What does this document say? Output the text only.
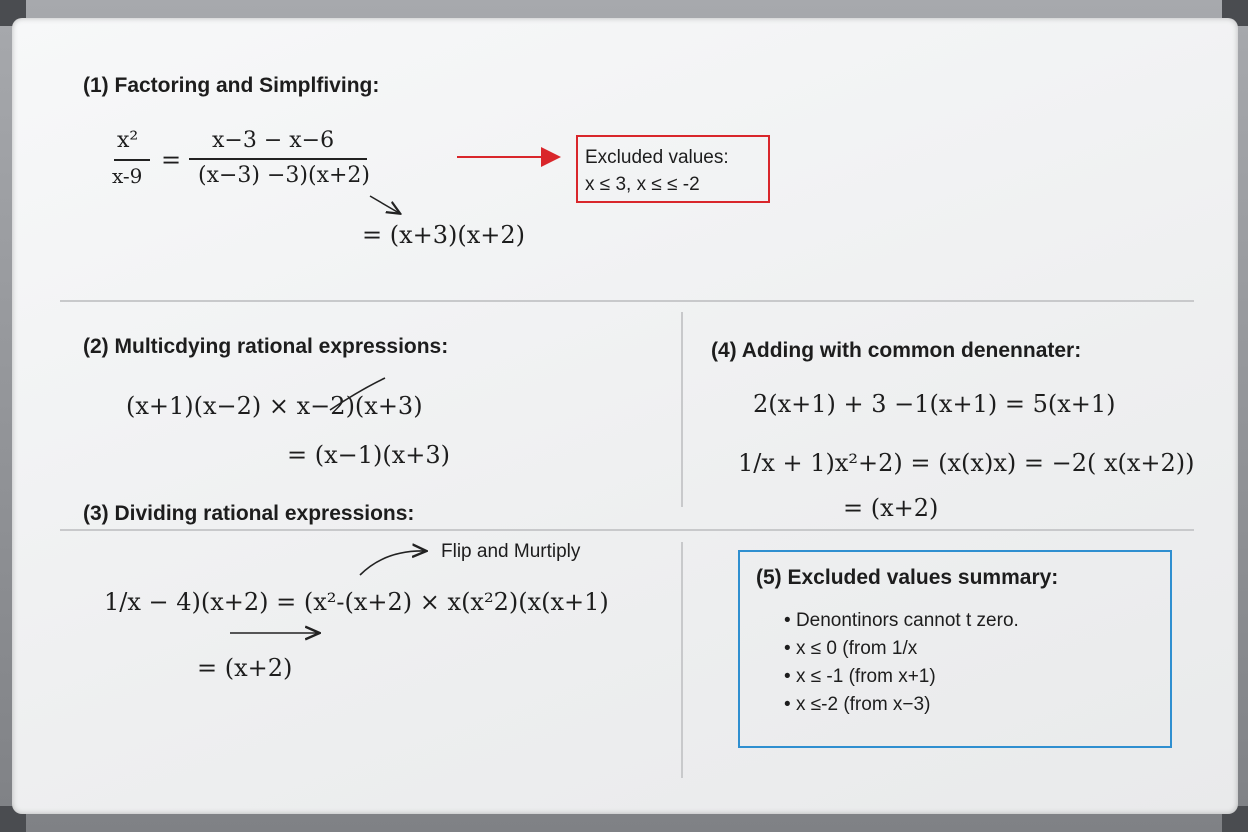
(1) Factoring and Simplfiving:
x²
x-9
=
x−3 − x−6
(x−3) −3)(x+2)
= (x+3)(x+2)
Excluded values:
x ≤ 3, x ≤ ≤ -2
(2) Multicdying rational expressions:
(x+1)(x−2) × x−2)(x+3)
= (x−1)(x+3)
(3) Dividing rational expressions:
Flip and Murtiply
1/x − 4)(x+2) = (x²-(x+2) × x(x²2)(x(x+1)
= (x+2)
(4) Adding with common denennater:
2(x+1) + 3 −1(x+1) = 5(x+1)
1/x + 1)x²+2) = (x(x)x) = −2( x(x+2))
= (x+2)
(5) Excluded values summary:
• Denontinors cannot t zero.
• x ≤ 0 (from 1/x
• x ≤ -1 (from x+1)
• x ≤-2 (from x−3)
